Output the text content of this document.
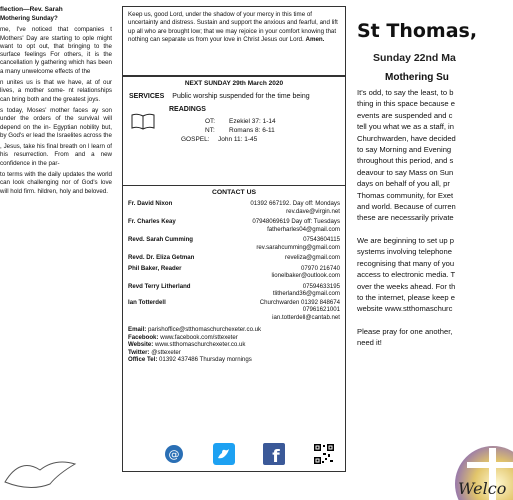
flection—Rev. Sarah
Mothering Sunday?

me, I've noticed that companies t Mothers' Day are starting to ople might want to opt out, that bringing to the surface feelings For others, it is the cancellation ly gathering which has been a many unwelcome effects of the

n unites us is that we have, at of our lives, a mother some- nt relationships can bring both and the greatest joys.

s today, Moses' mother faces ay son under the orders of the survival will depend on the in- Egyptian nobility but, by God's er lead the Israelites across the

, Jesus, take his final breath on l learn of his resurrection. From and a new confidence in the par-

to terms with the daily updates the world can look challenging nor of God's love will hold firm. hildren, holy and beloved.

Keep us, good Lord, under the shadow of your mercy in this time of uncertainty and distress. Sustain and support the anxious and fearful, and lift up all who are brought low; that we may rejoice in your comfort knowing that nothing can separate us from your love in Christ Jesus our Lord. Amen.

NEXT SUNDAY 29th March 2020
SERVICES Public worship suspended for the time being
READINGS
OT: Ezekiel 37: 1-14
NT: Romans 8: 6-11
GOSPEL: John 11: 1-45
CONTACT US
Fr. David Nixon	01392 667192. Day off: Mondays
rev.dave@virgin.net
Fr. Charles Keay	07948069619 Day off: Tuesdays
fatherharles04@gmail.com
Revd. Sarah Cumming	07543604115
rev.sarahcumming@gmail.com
Revd. Dr. Eliza Getman	reveliza@gmail.com
Phil Baker, Reader	07970 216740
lionelbaker@outlook.com
Revd Terry Litherland	07594633195
tlitherland36@gmail.com
Ian Totterdell	Churchwarden 01392 848674
07961621001
ian.totterdell@cantab.net
Email: parishoffice@stthomaschurchexeter.co.uk
Facebook: www.facebook.com/sttexeter
Website: www.stthomaschurchexeter.co.uk
Twitter: @sttexeter
Office Tel: 01392 437486 Thursday mornings
@	f
St Thomas,
Sunday 22nd Ma
Mothering Su

It's odd, to say the least, to b
thing in this space because e
events are suspended and c
tell you what we as a staff, in
Churchwarden, have decided
to say Morning and Evening
throughout this period, and s
deavour to say Mass on Sun
days on behalf of you all, pr
Thomas community, for Exet
and world. Because of curren
these are necessarily private

We are beginning to set up p
systems involving telephone
recognising that many of you
access to electronic media. T
over the weeks ahead. For th
to the internet, please keep e
website www.stthomaschurc

Please pray for one another,
need it!

Welco
